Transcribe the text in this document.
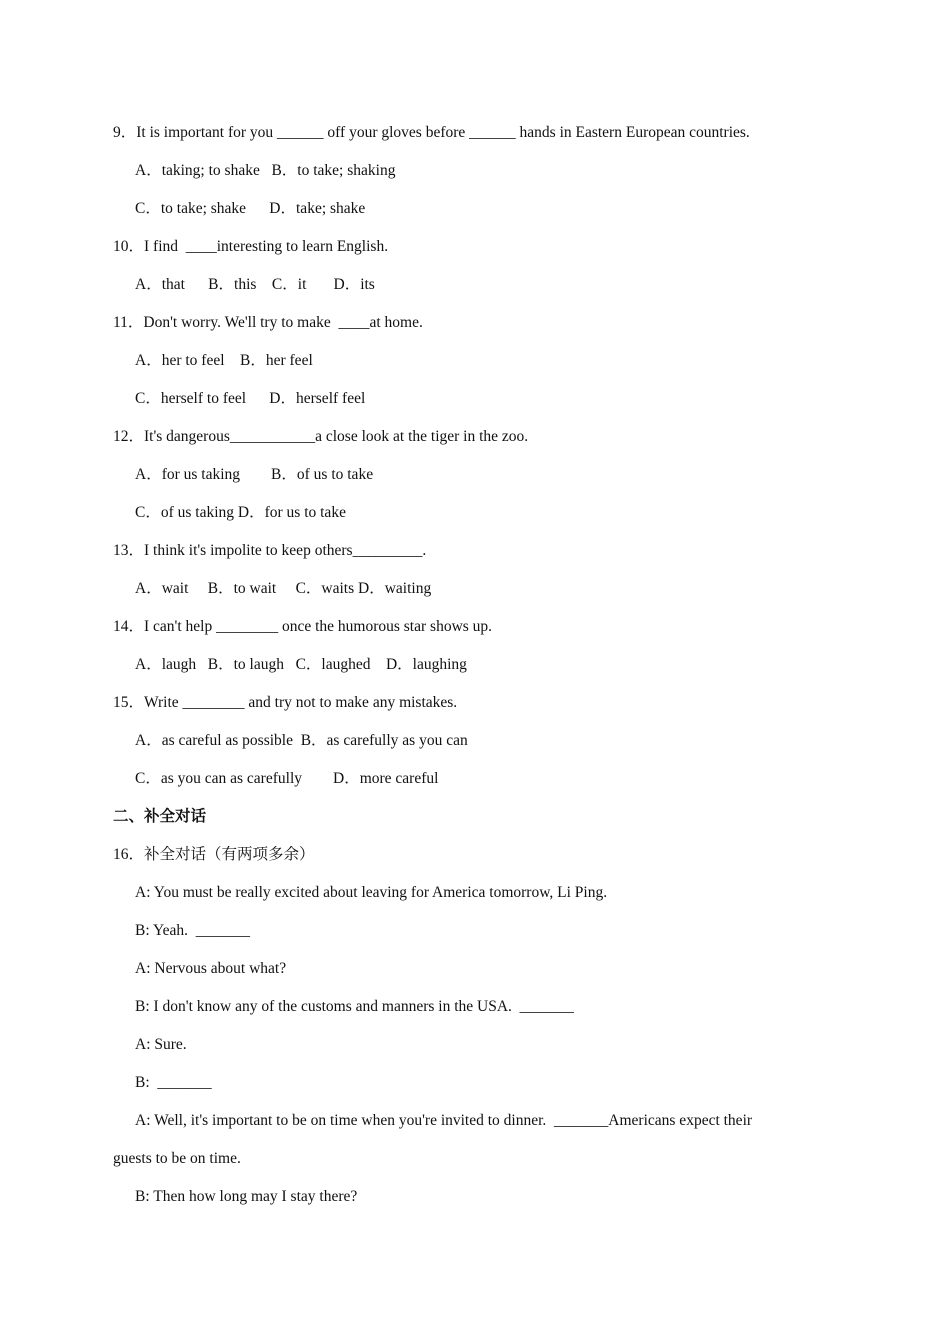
9．It is important for you ______ off your gloves before ______ hands in Eastern European countries.
A．taking; to shake   B．to take; shaking
C．to take; shake      D．take; shake
10．I find  ____interesting to learn English.
A．that      B．this    C．it       D．its
11．Don't worry. We'll try to make  ____at home.
A．her to feel    B．her feel
C．herself to feel      D．herself feel
12．It's dangerous___________a close look at the tiger in the zoo.
A．for us taking        B．of us to take
C．of us taking D．for us to take
13．I think it's impolite to keep others_________.
A．wait     B．to wait     C．waits D．waiting
14．I can't help ________ once the humorous star shows up.
A．laugh   B．to laugh   C．laughed    D．laughing
15．Write ________ and try not to make any mistakes.
A．as careful as possible  B．as carefully as you can
C．as you can as carefully        D．more careful
二、补全对话
16．补全对话（有两项多余）
A: You must be really excited about leaving for America tomorrow, Li Ping.
B: Yeah.  _______
A: Nervous about what?
B: I don't know any of the customs and manners in the USA.  _______
A: Sure.
B:  _______
A: Well, it's important to be on time when you're invited to dinner.  _______Americans expect their
guests to be on time.
B: Then how long may I stay there?
